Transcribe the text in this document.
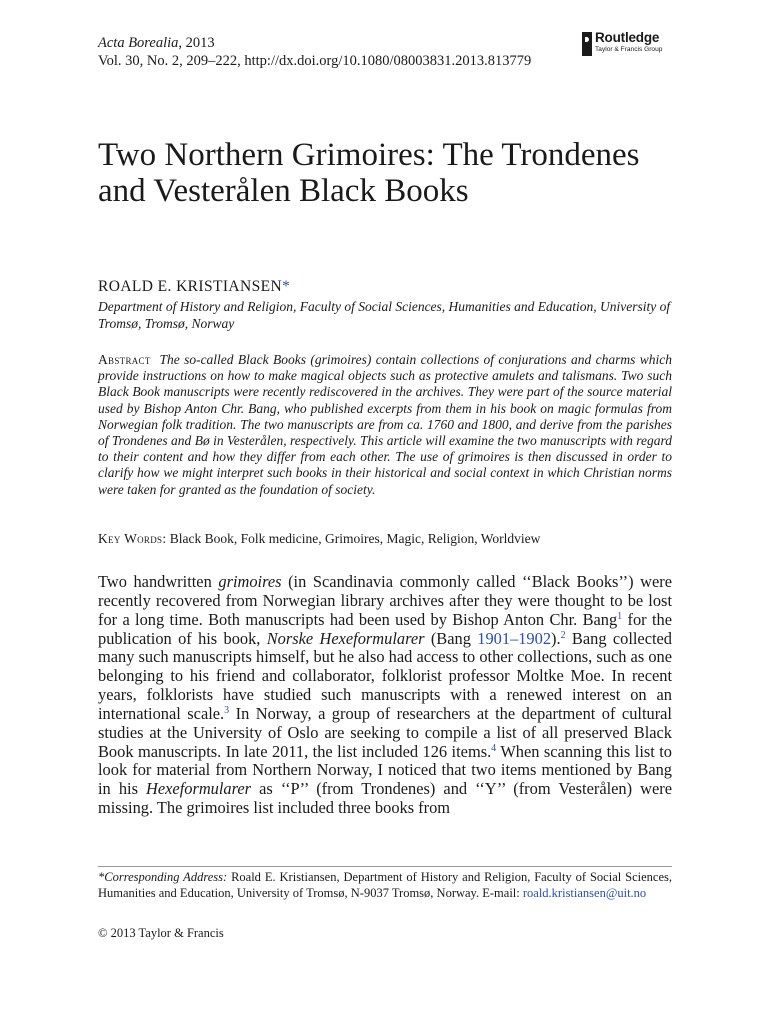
Acta Borealia, 2013
Vol. 30, No. 2, 209–222, http://dx.doi.org/10.1080/08003831.2013.813779
Routledge
Taylor & Francis Group
Two Northern Grimoires: The Trondenes and Vesterålen Black Books
ROALD E. KRISTIANSEN*
Department of History and Religion, Faculty of Social Sciences, Humanities and Education, University of Tromsø, Tromsø, Norway
Abstract The so-called Black Books (grimoires) contain collections of conjurations and charms which provide instructions on how to make magical objects such as protective amulets and talismans. Two such Black Book manuscripts were recently rediscovered in the archives. They were part of the source material used by Bishop Anton Chr. Bang, who published excerpts from them in his book on magic formulas from Norwegian folk tradition. The two manuscripts are from ca. 1760 and 1800, and derive from the parishes of Trondenes and Bø in Vesterålen, respectively. This article will examine the two manuscripts with regard to their content and how they differ from each other. The use of grimoires is then discussed in order to clarify how we might interpret such books in their historical and social context in which Christian norms were taken for granted as the foundation of society.
Key Words: Black Book, Folk medicine, Grimoires, Magic, Religion, Worldview

Two handwritten grimoires (in Scandinavia commonly called ‘‘Black Books’’) were recently recovered from Norwegian library archives after they were thought to be lost for a long time. Both manuscripts had been used by Bishop Anton Chr. Bang$^1$ for the publication of his book, Norske Hexeformularer (Bang 1901–1902).$^2$ Bang collected many such manuscripts himself, but he also had access to other collections, such as one belonging to his friend and collaborator, folklorist professor Moltke Moe. In recent years, folklorists have studied such manuscripts with a renewed interest on an international scale.$^3$ In Norway, a group of researchers at the department of cultural studies at the University of Oslo are seeking to compile a list of all preserved Black Book manuscripts. In late 2011, the list included 126 items.$^4$ When scanning this list to look for material from Northern Norway, I noticed that two items mentioned by Bang in his Hexeformularer as ‘‘P’’ (from Trondenes) and ‘‘Y’’ (from Vesterålen) were missing. The grimoires list included three books from

*Corresponding Address: Roald E. Kristiansen, Department of History and Religion, Faculty of Social Sciences, Humanities and Education, University of Tromsø, N-9037 Tromsø, Norway. E-mail: roald.kristiansen@uit.no
© 2013 Taylor & Francis
